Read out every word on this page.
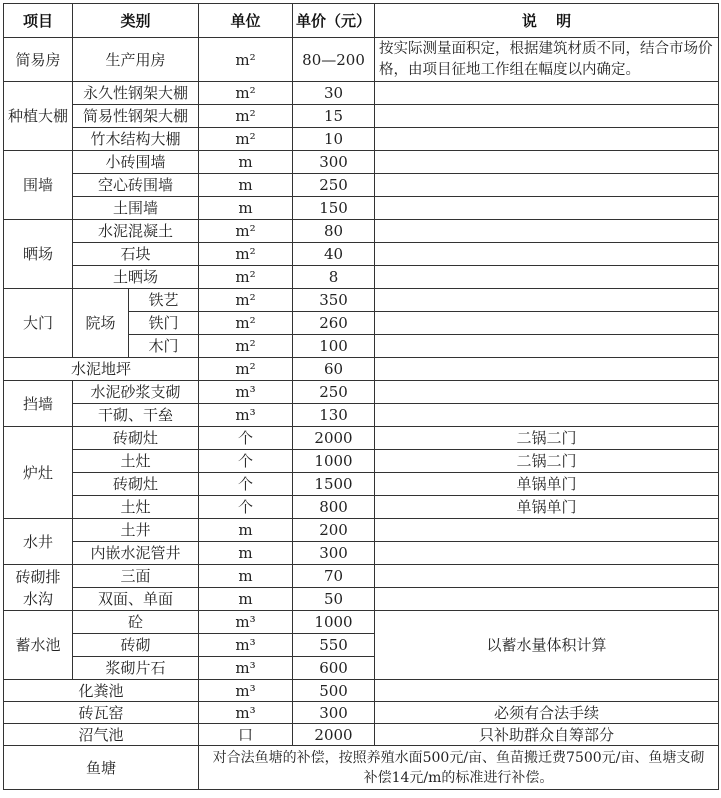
项目	类别		单位	单价（元）	说 明
简易房	生产用房		m²	80—200	按实际测量面积定，根据建筑材质不同，结合市场价格，由项目征地工作组在幅度以内确定。
种植大棚	永久性钢架大棚		m²	30	
	简易性钢架大棚		m²	15	
	竹木结构大棚		m²	10	
围墙	小砖围墙		m	300	
	空心砖围墙		m	250	
	土围墙		m	150	
晒场	水泥混凝土		m²	80	
	石块		m²	40	
	土晒场		m²	8	
大门	院场	铁艺	m²	350	
		铁门	m²	260	
		木门	m²	100	
水泥地坪			m²	60	
挡墙	水泥砂浆支砌		m³	250	
	干砌、干垒		m³	130	
炉灶	砖砌灶		个	2000	二锅二门
	土灶		个	1000	二锅二门
	砖砌灶		个	1500	单锅单门
	土灶		个	800	单锅单门
水井	土井		m	200	
	内嵌水泥管井		m	300	
砖砌排水沟	三面		m	70	
	双面、单面		m	50	
蓄水池	砼		m³	1000	以蓄水量体积计算
	砖砌		m³	550	
	浆砌片石		m³	600	
化粪池			m³	500	
砖瓦窑			m³	300	必须有合法手续
沼气池			口	2000	只补助群众自筹部分
鱼塘			对合法鱼塘的补偿，按照养殖水面500元/亩、鱼苗搬迁费7500元/亩、鱼塘支砌补偿14元/m的标准进行补偿。		
